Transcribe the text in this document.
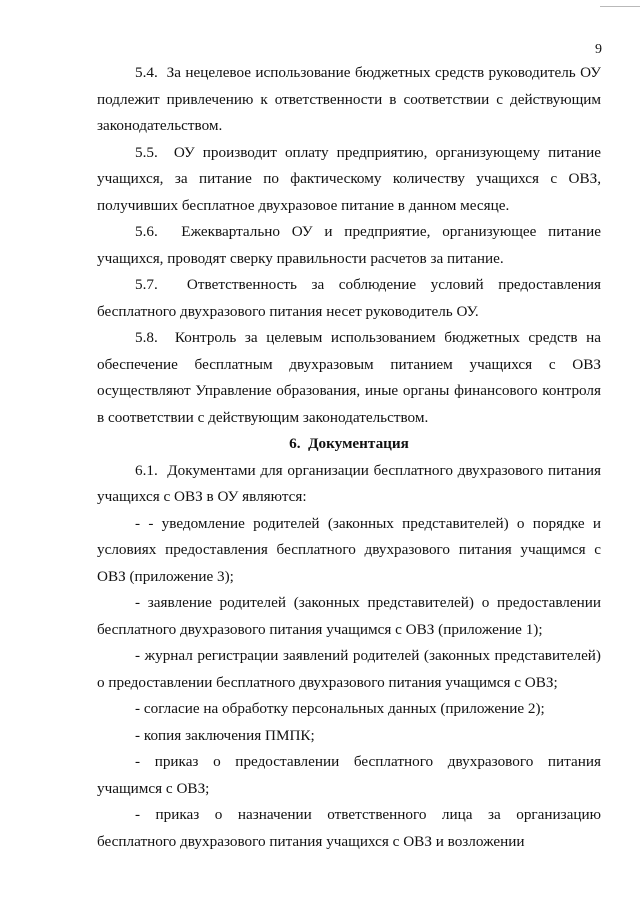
9

5.4.  За нецелевое использование бюджетных средств руководитель ОУ подлежит привлечению к ответственности в соответствии с действующим законодательством.

5.5.  ОУ производит оплату предприятию, организующему питание учащихся, за питание по фактическому количеству учащихся с ОВЗ, получивших бесплатное двухразовое питание в данном месяце.

5.6.  Ежеквартально ОУ и предприятие, организующее питание учащихся, проводят сверку правильности расчетов за питание.

5.7.  Ответственность за соблюдение условий предоставления бесплатного двухразового питания несет руководитель ОУ.

5.8.  Контроль за целевым использованием бюджетных средств на обеспечение бесплатным двухразовым питанием учащихся с ОВЗ осуществляют Управление образования, иные органы финансового контроля в соответствии с действующим законодательством.

6.  Документация

6.1.  Документами для организации бесплатного двухразового питания учащихся с ОВЗ в ОУ являются:

- - уведомление родителей (законных представителей) о порядке и условиях предоставления бесплатного двухразового питания учащимся с ОВЗ (приложение 3);

- заявление родителей (законных представителей) о предоставлении бесплатного двухразового питания учащимся с ОВЗ (приложение 1);

- журнал регистрации заявлений родителей (законных представителей) о предоставлении бесплатного двухразового питания учащимся с ОВЗ;

- согласие на обработку персональных данных (приложение 2);

- копия заключения ПМПК;

- приказ о предоставлении бесплатного двухразового питания учащимся с ОВЗ;

- приказ о назначении ответственного лица за организацию бесплатного двухразового питания учащихся с ОВЗ и возложении
